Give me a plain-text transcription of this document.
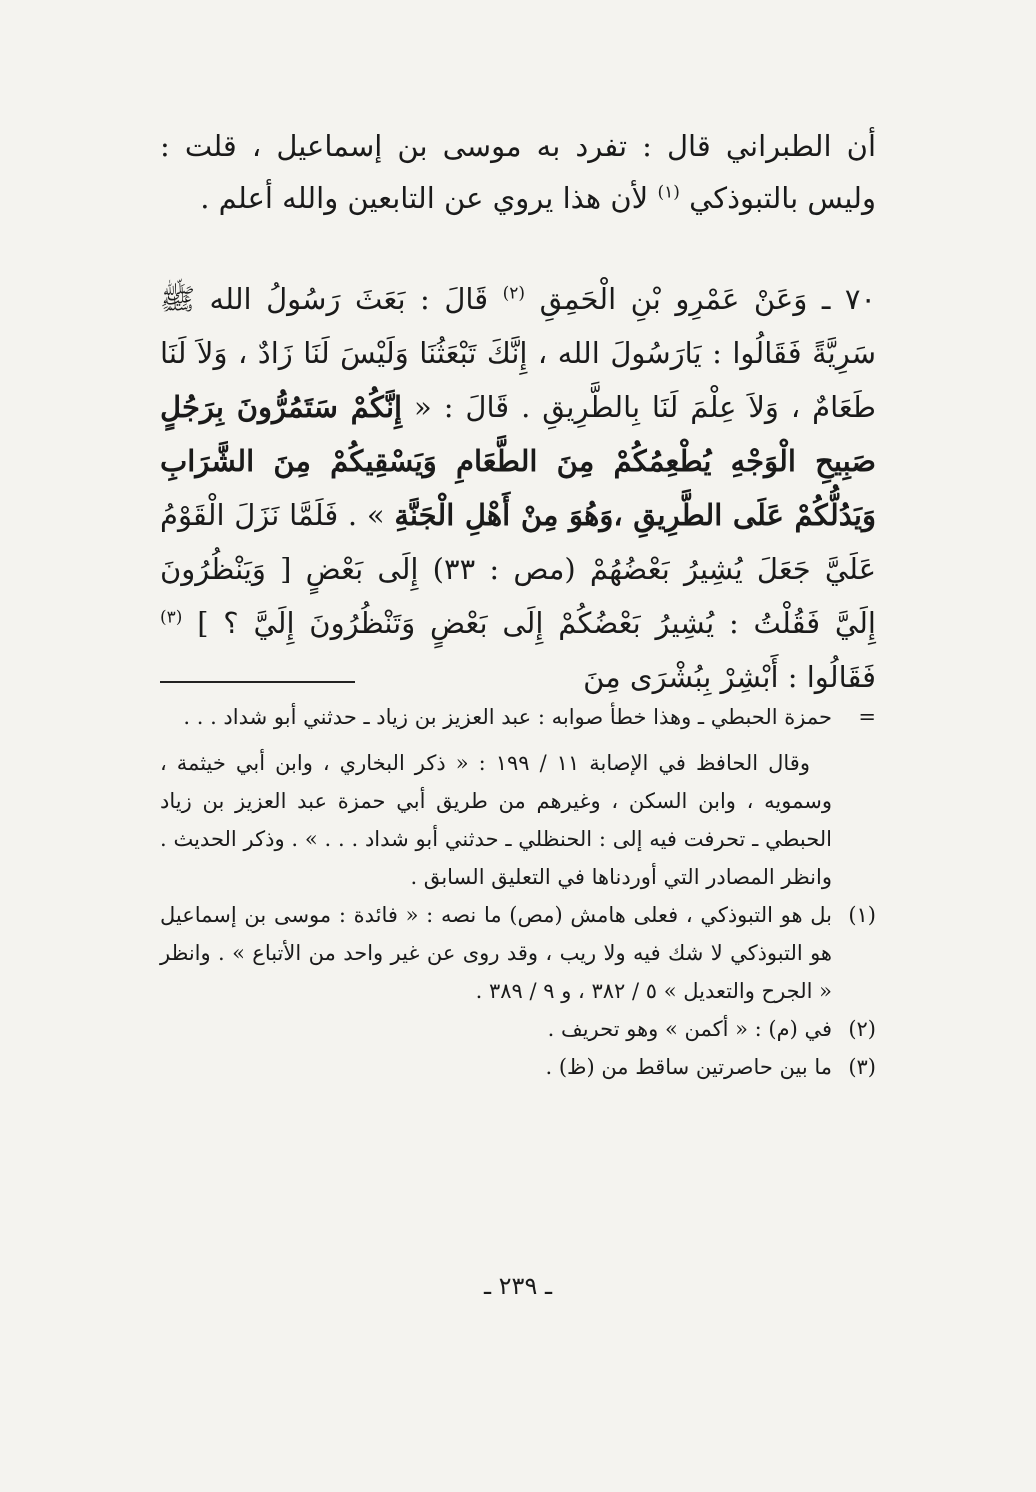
أن الطبراني قال : تفرد به موسى بن إسماعيل ، قلت : وليس بالتبوذكي $^{(١)}$ لأن هذا يروي عن التابعين والله أعلم .

٧٠ ـ وَعَنْ عَمْرِو بْنِ الْحَمِقِ $^{(٢)}$ قَالَ : بَعَثَ رَسُولُ الله ﷺ سَرِيَّةً فَقَالُوا : يَارَسُولَ الله ، إِنَّكَ تَبْعَثُنَا وَلَيْسَ لَنَا زَادٌ ، وَلاَ لَنَا طَعَامٌ ، وَلاَ عِلْمَ لَنَا بِالطَّرِيقِ . قَالَ : « إِنَّكُمْ سَتَمُرُّونَ بِرَجُلٍ صَبِيحِ الْوَجْهِ يُطْعِمُكُمْ مِنَ الطَّعَامِ وَيَسْقِيكُمْ مِنَ الشَّرَابِ وَيَدُلُّكُمْ عَلَى الطَّرِيقِ ،وَهُوَ مِنْ أَهْلِ الْجَنَّةِ » . فَلَمَّا نَزَلَ الْقَوْمُ عَلَيَّ جَعَلَ يُشِيرُ بَعْضُهُمْ (مص : ٣٣) إِلَى بَعْضٍ [ وَيَنْظُرُونَ إِلَيَّ فَقُلْتُ : يُشِيرُ بَعْضُكُمْ إِلَى بَعْضٍ وَتَنْظُرُونَ إِلَيَّ ؟ ] $^{(٣)}$ فَقَالُوا : أَبْشِرْ بِبُشْرَى مِنَ

=
حمزة الحبطي ـ وهذا خطأ صوابه : عبد العزيز بن زياد ـ حدثني أبو شداد . . .
وقال الحافظ في الإصابة ١١ / ١٩٩ : « ذكر البخاري ، وابن أبي خيثمة ، وسمويه ، وابن السكن ، وغيرهم من طريق أبي حمزة عبد العزيز بن زياد الحبطي ـ تحرفت فيه إلى : الحنظلي ـ حدثني أبو شداد . . . » . وذكر الحديث . وانظر المصادر التي أوردناها في التعليق السابق .
(١)
بل هو التبوذكي ، فعلى هامش (مص) ما نصه : « فائدة : موسى بن إسماعيل هو التبوذكي لا شك فيه ولا ريب ، وقد روى عن غير واحد من الأتباع » . وانظر « الجرح والتعديل » ٥ / ٣٨٢ ، و ٩ / ٣٨٩ .
(٢)
في (م) : « أكمن » وهو تحريف .
(٣)
ما بين حاصرتين ساقط من (ظ) .
ـ ٢٣٩ ـ
